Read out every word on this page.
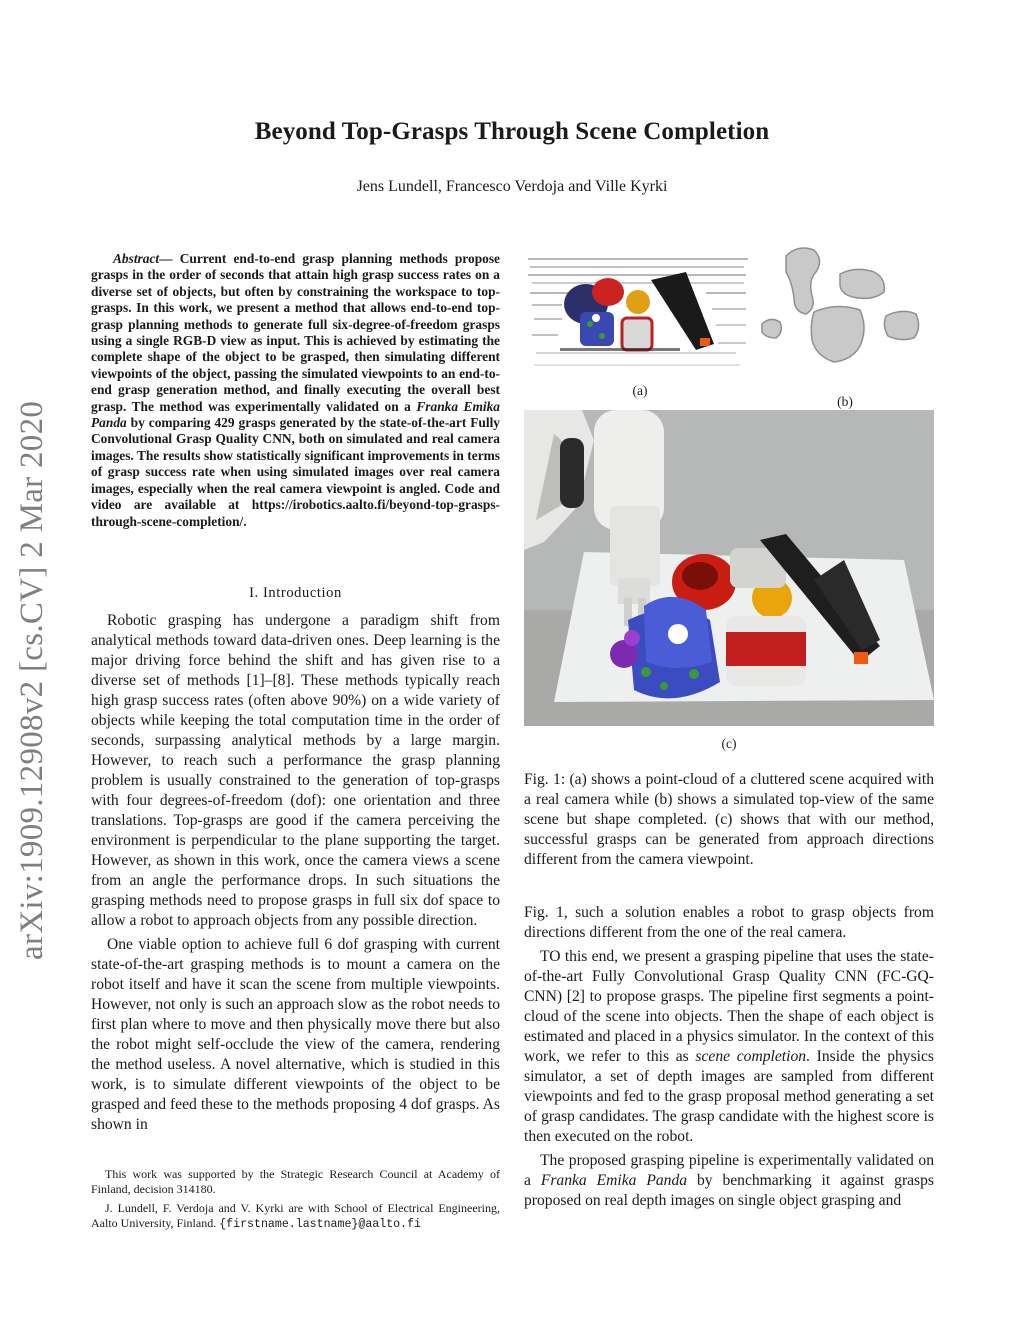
arXiv:1909.12908v2 [cs.CV] 2 Mar 2020
Beyond Top-Grasps Through Scene Completion
Jens Lundell, Francesco Verdoja and Ville Kyrki

Abstract— Current end-to-end grasp planning methods propose grasps in the order of seconds that attain high grasp success rates on a diverse set of objects, but often by constraining the workspace to top-grasps. In this work, we present a method that allows end-to-end top-grasp planning methods to generate full six-degree-of-freedom grasps using a single RGB-D view as input. This is achieved by estimating the complete shape of the object to be grasped, then simulating different viewpoints of the object, passing the simulated viewpoints to an end-to-end grasp generation method, and finally executing the overall best grasp. The method was experimentally validated on a Franka Emika Panda by comparing 429 grasps generated by the state-of-the-art Fully Convolutional Grasp Quality CNN, both on simulated and real camera images. The results show statistically significant improvements in terms of grasp success rate when using simulated images over real camera images, especially when the real camera viewpoint is angled. Code and video are available at https://irobotics.aalto.fi/beyond-top-grasps-through-scene-completion/.

I. Introduction

Robotic grasping has undergone a paradigm shift from analytical methods toward data-driven ones. Deep learning is the major driving force behind the shift and has given rise to a diverse set of methods [1]–[8]. These methods typically reach high grasp success rates (often above 90%) on a wide variety of objects while keeping the total computation time in the order of seconds, surpassing analytical methods by a large margin. However, to reach such a performance the grasp planning problem is usually constrained to the generation of top-grasps with four degrees-of-freedom (dof): one orientation and three translations. Top-grasps are good if the camera perceiving the environment is perpendicular to the plane supporting the target. However, as shown in this work, once the camera views a scene from an angle the performance drops. In such situations the grasping methods need to propose grasps in full six dof space to allow a robot to approach objects from any possible direction.

One viable option to achieve full 6 dof grasping with current state-of-the-art grasping methods is to mount a camera on the robot itself and have it scan the scene from multiple viewpoints. However, not only is such an approach slow as the robot needs to first plan where to move and then physically move there but also the robot might self-occlude the view of the camera, rendering the method useless. A novel alternative, which is studied in this work, is to simulate different viewpoints of the object to be grasped and feed these to the methods proposing 4 dof grasps. As shown in

This work was supported by the Strategic Research Council at Academy of Finland, decision 314180.

J. Lundell, F. Verdoja and V. Kyrki are with School of Electrical Engineering, Aalto University, Finland. {firstname.lastname}@aalto.fi

(a)
(b)
(c)
Fig. 1: (a) shows a point-cloud of a cluttered scene acquired with a real camera while (b) shows a simulated top-view of the same scene but shape completed. (c) shows that with our method, successful grasps can be generated from approach directions different from the camera viewpoint.

Fig. 1, such a solution enables a robot to grasp objects from directions different from the one of the real camera.

TO this end, we present a grasping pipeline that uses the state-of-the-art Fully Convolutional Grasp Quality CNN (FC-GQ-CNN) [2] to propose grasps. The pipeline first segments a point-cloud of the scene into objects. Then the shape of each object is estimated and placed in a physics simulator. In the context of this work, we refer to this as scene completion. Inside the physics simulator, a set of depth images are sampled from different viewpoints and fed to the grasp proposal method generating a set of grasp candidates. The grasp candidate with the highest score is then executed on the robot.

The proposed grasping pipeline is experimentally validated on a Franka Emika Panda by benchmarking it against grasps proposed on real depth images on single object grasping and
